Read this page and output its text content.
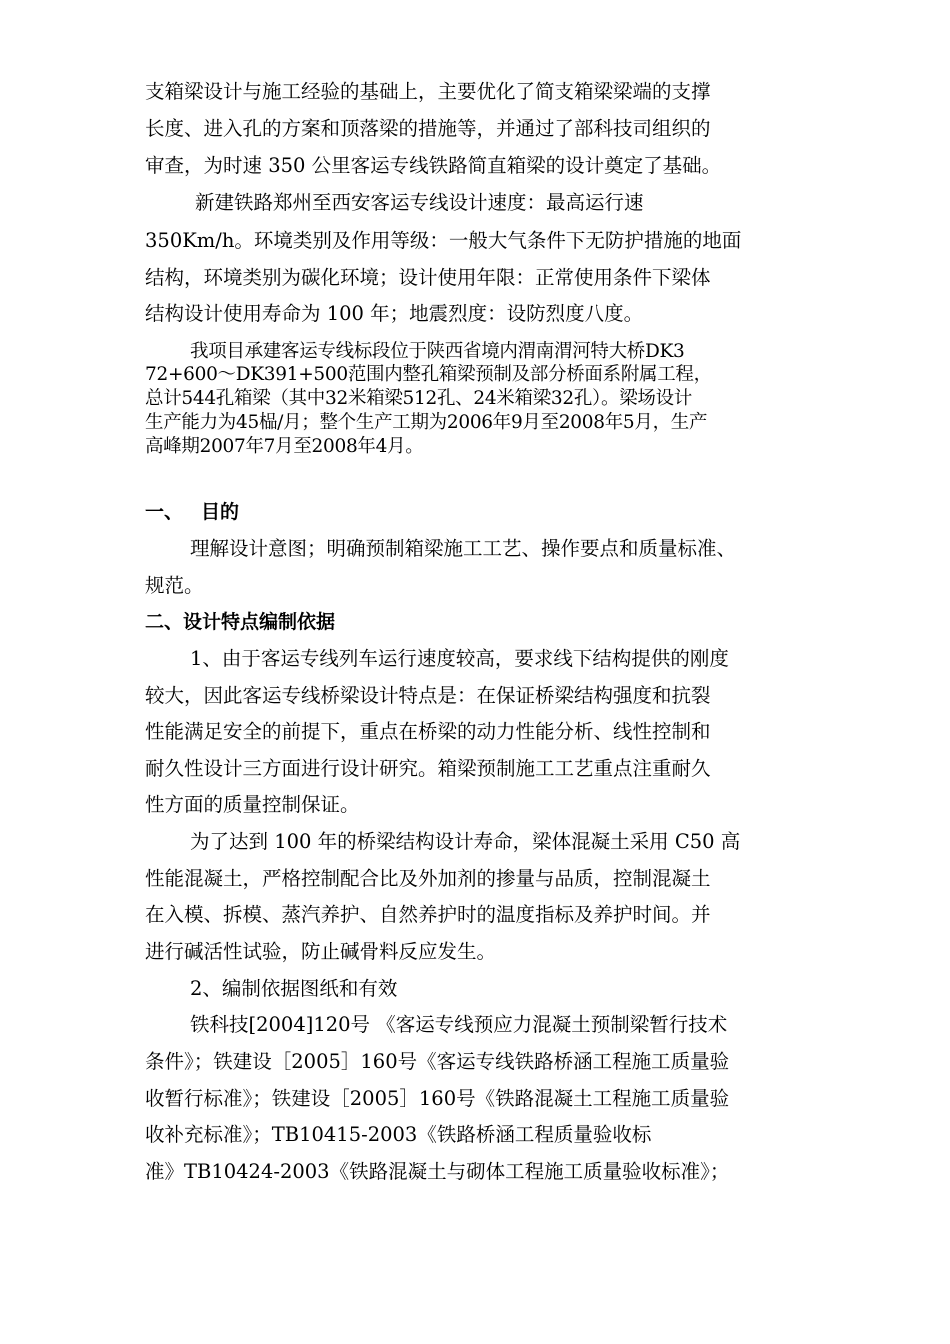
支箱梁设计与施工经验的基础上，主要优化了简支箱梁梁端的支撑
长度、进入孔的方案和顶落梁的措施等，并通过了部科技司组织的
审查，为时速 350 公里客运专线铁路简直箱梁的设计奠定了基础。
新建铁路郑州至西安客运专线设计速度：最高运行速
350Km/h。环境类别及作用等级：一般大气条件下无防护措施的地面
结构，环境类别为碳化环境；设计使用年限：正常使用条件下梁体
结构设计使用寿命为 100 年；地震烈度：设防烈度八度。
我项目承建客运专线标段位于陕西省境内渭南渭河特大桥DK3
72+600～DK391+500范围内整孔箱梁预制及部分桥面系附属工程，
总计544孔箱梁（其中32米箱梁512孔、24米箱梁32孔）。梁场设计
生产能力为45榀/月；整个生产工期为2006年9月至2008年5月，生产
高峰期2007年7月至2008年4月。
一、 目的
理解设计意图；明确预制箱梁施工工艺、操作要点和质量标准、
规范。
二、设计特点编制依据
1、由于客运专线列车运行速度较高，要求线下结构提供的刚度
较大，因此客运专线桥梁设计特点是：在保证桥梁结构强度和抗裂
性能满足安全的前提下，重点在桥梁的动力性能分析、线性控制和
耐久性设计三方面进行设计研究。箱梁预制施工工艺重点注重耐久
性方面的质量控制保证。
为了达到 100 年的桥梁结构设计寿命，梁体混凝土采用 C50 高
性能混凝土，严格控制配合比及外加剂的掺量与品质，控制混凝土
在入模、拆模、蒸汽养护、自然养护时的温度指标及养护时间。并
进行碱活性试验，防止碱骨料反应发生。
2、编制依据图纸和有效
铁科技[2004]120号 《客运专线预应力混凝土预制梁暂行技术
条件》；铁建设［2005］160号《客运专线铁路桥涵工程施工质量验
收暂行标准》；铁建设［2005］160号《铁路混凝土工程施工质量验
收补充标准》；TB10415-2003《铁路桥涵工程质量验收标
准》TB10424-2003《铁路混凝土与砌体工程施工质量验收标准》；
